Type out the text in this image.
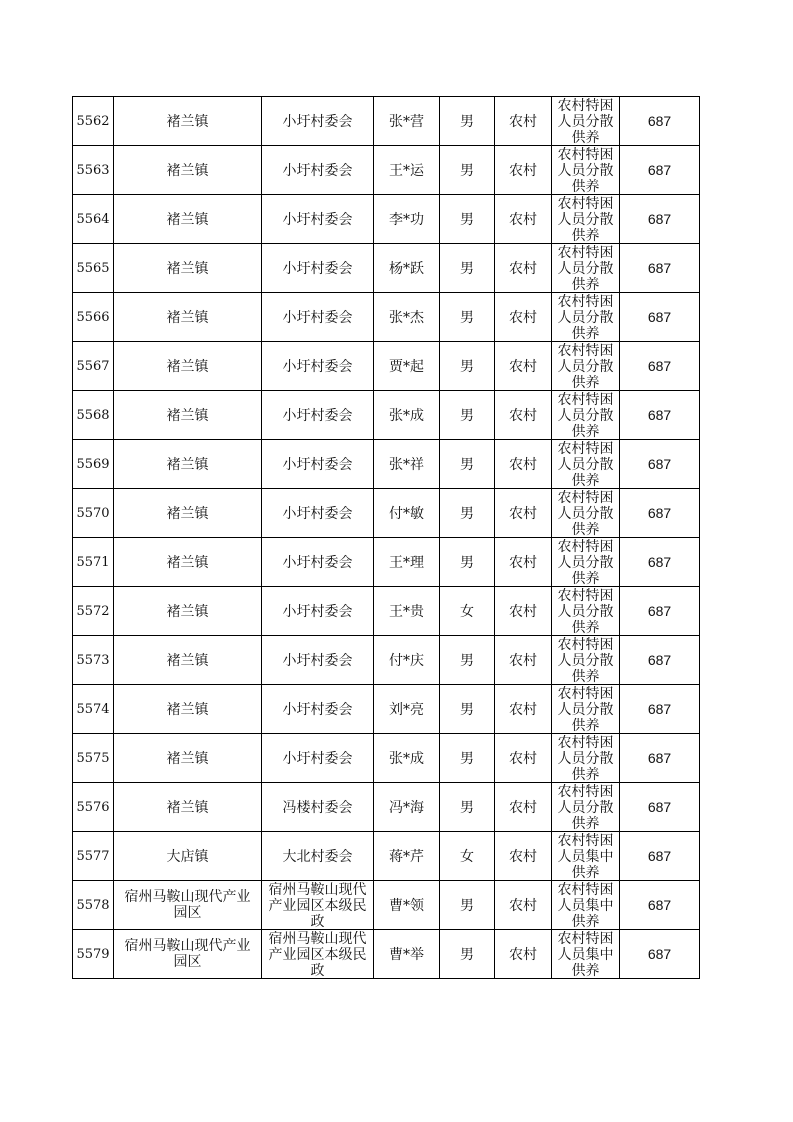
5562	褚兰镇	小圩村委会	张*营	男	农村	农村特困人员分散供养	687
5563	褚兰镇	小圩村委会	王*运	男	农村	农村特困人员分散供养	687
5564	褚兰镇	小圩村委会	李*功	男	农村	农村特困人员分散供养	687
5565	褚兰镇	小圩村委会	杨*跃	男	农村	农村特困人员分散供养	687
5566	褚兰镇	小圩村委会	张*杰	男	农村	农村特困人员分散供养	687
5567	褚兰镇	小圩村委会	贾*起	男	农村	农村特困人员分散供养	687
5568	褚兰镇	小圩村委会	张*成	男	农村	农村特困人员分散供养	687
5569	褚兰镇	小圩村委会	张*祥	男	农村	农村特困人员分散供养	687
5570	褚兰镇	小圩村委会	付*敏	男	农村	农村特困人员分散供养	687
5571	褚兰镇	小圩村委会	王*理	男	农村	农村特困人员分散供养	687
5572	褚兰镇	小圩村委会	王*贵	女	农村	农村特困人员分散供养	687
5573	褚兰镇	小圩村委会	付*庆	男	农村	农村特困人员分散供养	687
5574	褚兰镇	小圩村委会	刘*亮	男	农村	农村特困人员分散供养	687
5575	褚兰镇	小圩村委会	张*成	男	农村	农村特困人员分散供养	687
5576	褚兰镇	冯楼村委会	冯*海	男	农村	农村特困人员分散供养	687
5577	大店镇	大北村委会	蒋*芹	女	农村	农村特困人员集中供养	687
5578	宿州马鞍山现代产业园区	宿州马鞍山现代产业园区本级民政	曹*领	男	农村	农村特困人员集中供养	687
5579	宿州马鞍山现代产业园区	宿州马鞍山现代产业园区本级民政	曹*举	男	农村	农村特困人员集中供养	687
